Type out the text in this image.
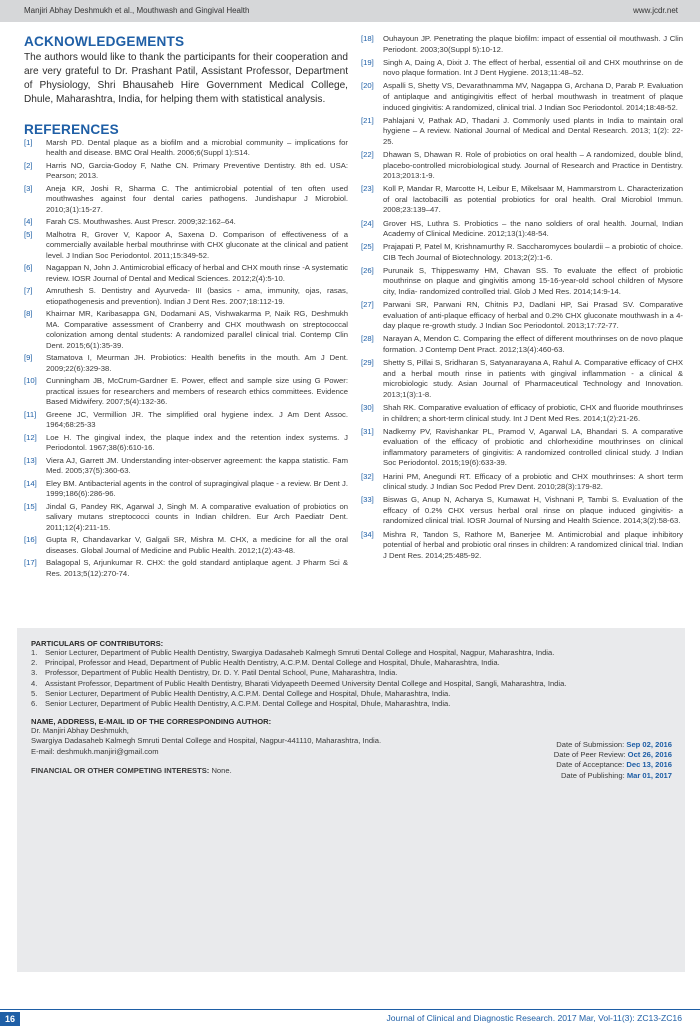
Manjiri Abhay Deshmukh et al., Mouthwash and Gingival Health	www.jcdr.net
ACKNOWLEDGEMENTS

The authors would like to thank the participants for their cooperation and are very grateful to Dr. Prashant Patil, Assistant Professor, Department of Physiology, Shri Bhausaheb Hire Government Medical College, Dhule, Maharashtra, India, for helping them with statistical analysis.

REFERENCES
[1] Marsh PD. Dental plaque as a biofilm and a microbial community – implications for health and disease. BMC Oral Health. 2006;6(Suppl 1):S14.
[2] Harris NO, Garcia-Godoy F, Nathe CN. Primary Preventive Dentistry. 8th ed. USA: Pearson; 2013.
[3] Aneja KR, Joshi R, Sharma C. The antimicrobial potential of ten often used mouthwashes against four dental caries pathogens. Jundishapur J Microbiol. 2010;3(1):15-27.
[4] Farah CS. Mouthwashes. Aust Prescr. 2009;32:162–64.
[5] Malhotra R, Grover V, Kapoor A, Saxena D. Comparison of effectiveness of a commercially available herbal mouthrinse with CHX gluconate at the clinical and patient level. J Indian Soc Periodontol. 2011;15:349-52.
[6] Nagappan N, John J. Antimicrobial efficacy of herbal and CHX mouth rinse -A systematic review. IOSR Journal of Dental and Medical Sciences. 2012;2(4):5-10.
[7] Amruthesh S. Dentistry and Ayurveda- III (basics - ama, immunity, ojas, rasas, etiopathogenesis and prevention). Indian J Dent Res. 2007;18:112-19.
[8] Khairnar MR, Karibasappa GN, Dodamani AS, Vishwakarma P, Naik RG, Deshmukh MA. Comparative assessment of Cranberry and CHX mouthwash on streptococcal colonization among dental students: A randomized parallel clinical trial. Contemp Clin Dent. 2015;6(1):35-39.
[9] Stamatova I, Meurman JH. Probiotics: Health benefits in the mouth. Am J Dent. 2009;22(6):329-38.
[10] Cunningham JB, McCrum-Gardner E. Power, effect and sample size using G Power: practical issues for researchers and members of research ethics committees. Evidence Based Midwifery. 2007;5(4):132-36.
[11] Greene JC, Vermillion JR. The simplified oral hygiene index. J Am Dent Assoc. 1964;68:25-33
[12] Loe H. The gingival index, the plaque index and the retention index systems. J Periodontol. 1967;38(6):610-16.
[13] Viera AJ, Garrett JM. Understanding inter-observer agreement: the kappa statistic. Fam Med. 2005;37(5):360-63.
[14] Eley BM. Antibacterial agents in the control of supragingival plaque - a review. Br Dent J. 1999;186(6):286-96.
[15] Jindal G, Pandey RK, Agarwal J, Singh M. A comparative evaluation of probiotics on salivary mutans streptococci counts in Indian children. Eur Arch Paediatr Dent. 2011;12(4):211-15.
[16] Gupta R, Chandavarkar V, Galgali SR, Mishra M. CHX, a medicine for all the oral diseases. Global Journal of Medicine and Public Health. 2012;1(2):43-48.
[17] Balagopal S, Arjunkumar R. CHX: the gold standard antiplaque agent. J Pharm Sci & Res. 2013;5(12):270-74.
[18] Ouhayoun JP. Penetrating the plaque biofilm: impact of essential oil mouthwash. J Clin Periodont. 2003;30(Suppl 5):10-12.
[19] Singh A, Daing A, Dixit J. The effect of herbal, essential oil and CHX mouthrinse on de novo plaque formation. Int J Dent Hygiene. 2013;11:48–52.
[20] Aspalli S, Shetty VS, Devarathnamma MV, Nagappa G, Archana D, Parab P. Evaluation of antiplaque and antigingivitis effect of herbal mouthwash in treatment of plaque induced gingivitis: A randomized, clinical trial. J Indian Soc Periodontol. 2014;18:48-52.
[21] Pahlajani V, Pathak AD, Thadani J. Commonly used plants in India to maintain oral hygiene – A review. National Journal of Medical and Dental Research. 2013; 1(2): 22-25.
[22] Dhawan S, Dhawan R. Role of probiotics on oral health – A randomized, double blind, placebo-controlled microbiological study. Journal of Research and Practice in Dentistry. 2013;2013:1-9.
[23] Koll P, Mandar R, Marcotte H, Leibur E, Mikelsaar M, Hammarstrom L. Characterization of oral lactobacilli as potential probiotics for oral health. Oral Microbiol Immun. 2008;23:139–47.
[24] Grover HS, Luthra S. Probiotics – the nano soldiers of oral health. Journal, Indian Academy of Clinical Medicine. 2012;13(1):48-54.
[25] Prajapati P, Patel M, Krishnamurthy R. Saccharomyces boulardii – a probiotic of choice. CIB Tech Journal of Biotechnology. 2013;2(2):1-6.
[26] Purunaik S, Thippeswamy HM, Chavan SS. To evaluate the effect of probiotic mouthrinse on plaque and gingivitis among 15-16-year-old school children of Mysore city, India- randomized controlled trial. Glob J Med Res. 2014;14:9-14.
[27] Parwani SR, Parwani RN, Chitnis PJ, Dadlani HP, Sai Prasad SV. Comparative evaluation of anti-plaque efficacy of herbal and 0.2% CHX gluconate mouthwash in a 4-day plaque re-growth study. J Indian Soc Periodontol. 2013;17:72-77.
[28] Narayan A, Mendon C. Comparing the effect of different mouthrinses on de novo plaque formation. J Contemp Dent Pract. 2012;13(4):460-63.
[29] Shetty S, Pillai S, Sridharan S, Satyanarayana A, Rahul A. Comparative efficacy of CHX and a herbal mouth rinse in patients with gingival inflammation - a clinical & microbiologic study. Asian Journal of Pharmaceutical Technology and Innovation. 2013;1(3):1-8.
[30] Shah RK. Comparative evaluation of efficacy of probiotic, CHX and fluoride mouthrinses in children; a short-term clinical study. Int J Dent Med Res. 2014;1(2):21-26.
[31] Nadkerny PV, Ravishankar PL, Pramod V, Agarwal LA, Bhandari S. A comparative evaluation of the efficacy of probiotic and chlorhexidine mouthrinses on clinical inflammatory parameters of gingivitis: A randomized controlled clinical study. J Indian Soc Periodontol. 2015;19(6):633-39.
[32] Harini PM, Anegundi RT. Efficacy of a probiotic and CHX mouthrinses: A short term clinical study. J Indian Soc Pedod Prev Dent. 2010;28(3):179-82.
[33] Biswas G, Anup N, Acharya S, Kumawat H, Vishnani P, Tambi S. Evaluation of the effcacy of 0.2% CHX versus herbal oral rinse on plaque induced gingivitis- a randomized clinical trial. IOSR Journal of Nursing and Health Science. 2014;3(2):58-63.
[34] Mishra R, Tandon S, Rathore M, Banerjee M. Antimicrobial and plaque inhibitory potential of herbal and probiotic oral rinses in children: A randomized clinical trial. Indian J Dent Res. 2014;25:485-92.
PARTICULARS OF CONTRIBUTORS:
1. Senior Lecturer, Department of Public Health Dentistry, Swargiya Dadasaheb Kalmegh Smruti Dental College and Hospital, Nagpur, Maharashtra, India.
2. Principal, Professor and Head, Department of Public Health Dentistry, A.C.P.M. Dental College and Hospital, Dhule, Maharashtra, India.
3. Professor, Department of Public Health Dentistry, Dr. D. Y. Patil Dental School, Pune, Maharashtra, India.
4. Assistant Professor, Department of Public Health Dentistry, Bharati Vidyapeeth Deemed University Dental College and Hospital, Sangli, Maharashtra, India.
5. Senior Lecturer, Department of Public Health Dentistry, A.C.P.M. Dental College and Hospital, Dhule, Maharashtra, India.
6. Senior Lecturer, Department of Public Health Dentistry, A.C.P.M. Dental College and Hospital, Dhule, Maharashtra, India.
NAME, ADDRESS, E-MAIL ID OF THE CORRESPONDING AUTHOR:
Dr. Manjiri Abhay Deshmukh,
Swargiya Dadasaheb Kalmegh Smruti Dental College and Hospital, Nagpur-441110, Maharashtra, India.
E-mail: deshmukh.manjiri@gmail.com
FINANCIAL OR OTHER COMPETING INTERESTS: None.
Date of Submission: Sep 02, 2016
Date of Peer Review: Oct 26, 2016
Date of Acceptance: Dec 13, 2016
Date of Publishing: Mar 01, 2017
16	Journal of Clinical and Diagnostic Research. 2017 Mar, Vol-11(3): ZC13-ZC16
